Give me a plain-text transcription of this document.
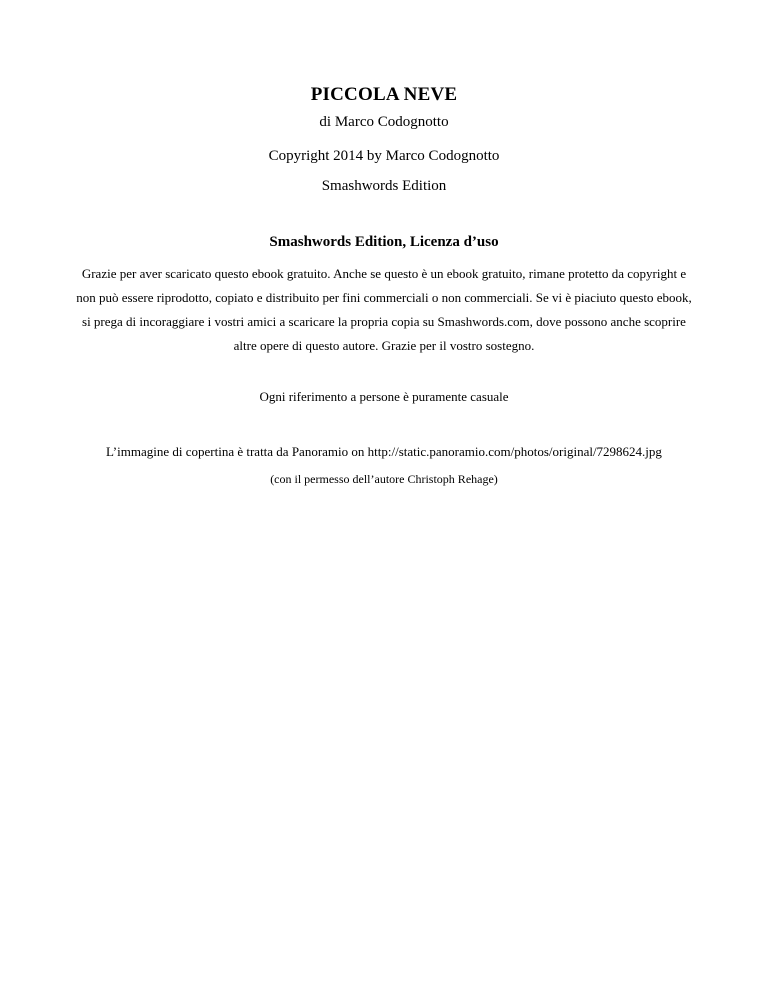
PICCOLA NEVE

di Marco Codognotto

Copyright 2014 by Marco Codognotto

Smashwords Edition

Smashwords Edition, Licenza d’uso

Grazie per aver scaricato questo ebook gratuito. Anche se questo è un ebook gratuito, rimane protetto da copyright e
non può essere riprodotto, copiato e distribuito per fini commerciali o non commerciali. Se vi è piaciuto questo ebook,
si prega di incoraggiare i vostri amici a scaricare la propria copia su Smashwords.com, dove possono anche scoprire
altre opere di questo autore. Grazie per il vostro sostegno.

Ogni riferimento a persone è puramente casuale

L’immagine di copertina è tratta da Panoramio on http://static.panoramio.com/photos/original/7298624.jpg

(con il permesso dell’autore Christoph Rehage)
